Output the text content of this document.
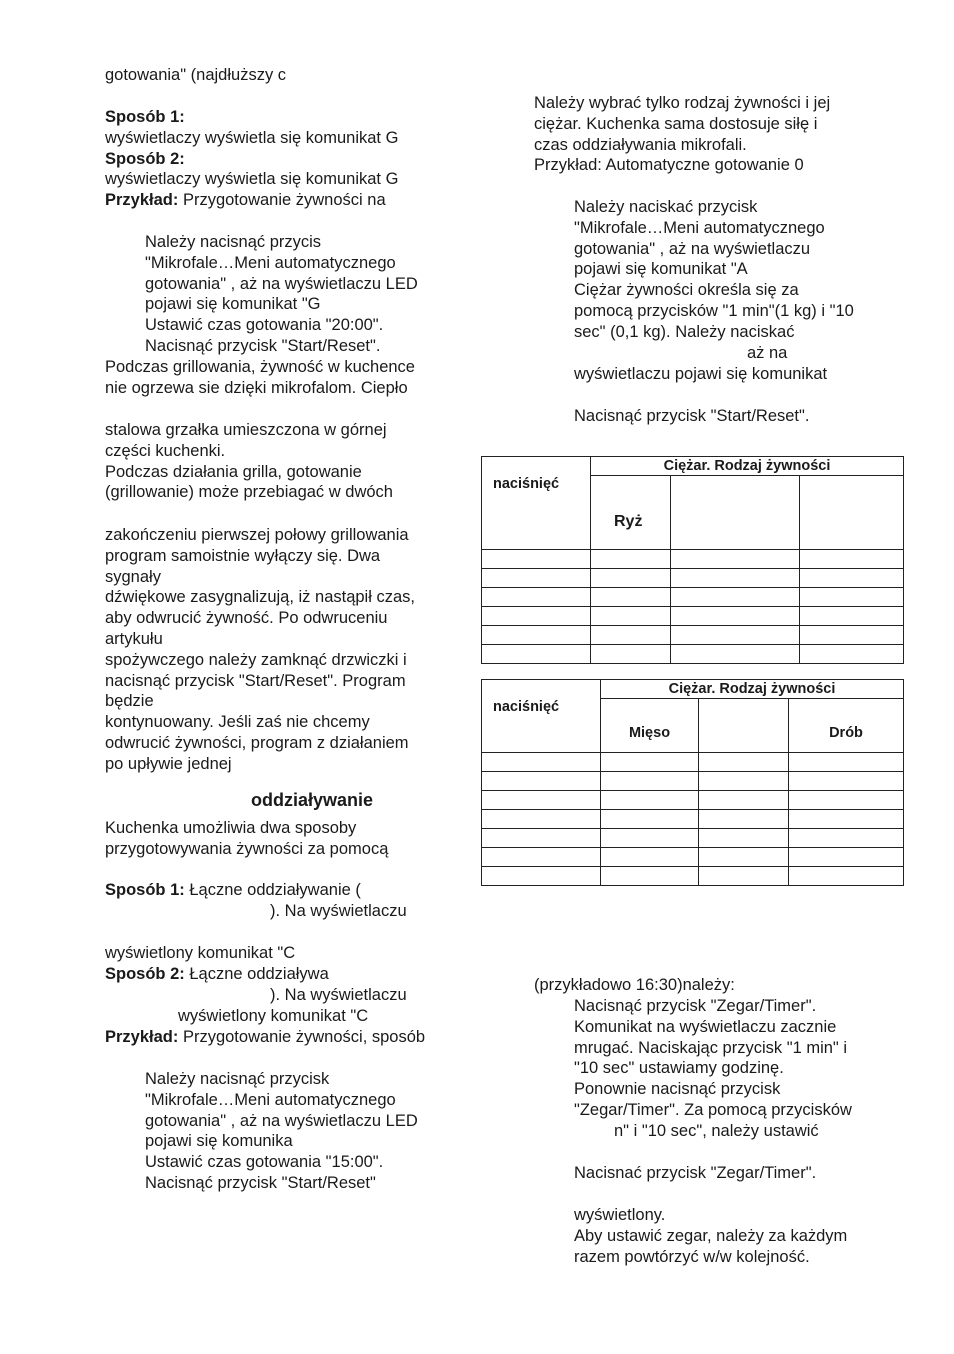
gotowania" (najdłuższy c
Sposób 1:
wyświetlaczy wyświetla się komunikat G
Sposób 2:
wyświetlaczy wyświetla się komunikat G
Przykład: Przygotowanie żywności na
Należy nacisnąć przycis
"Mikrofale…Meni automatycznego
gotowania" , aż na wyświetlaczu LED
pojawi się komunikat "G
Ustawić czas gotowania "20:00".
Nacisnąć przycisk "Start/Reset".
Podczas grillowania, żywność w kuchence
nie ogrzewa sie dzięki mikrofalom. Ciepło
stalowa grzałka umieszczona w górnej
części kuchenki.
Podczas działania grilla, gotowanie
(grillowanie) może przebiagać w dwóch
zakończeniu pierwszej połowy grillowania
program samoistnie wyłączy się. Dwa
sygnały
dźwiękowe zasygnalizują, iż nastąpił czas,
aby odwrucić żywność. Po odwruceniu
artykułu
spożywczego należy zamknąć drzwiczki i
nacisnąć przycisk "Start/Reset". Program
będzie
kontynuowany. Jeśli zaś nie chcemy
odwrucić żywności, program z działaniem
po upływie jednej
oddziaływanie
Kuchenka umożliwia dwa sposoby
przygotowywania żywności za pomocą
Sposób 1: Łączne oddziaływanie (
). Na wyświetlaczu
wyświetlony komunikat "C
Sposób 2: Łączne oddziaływa
). Na wyświetlaczu
wyświetlony komunikat "C
Przykład: Przygotowanie żywności, sposób
Należy nacisnąć przycisk
"Mikrofale…Meni automatycznego
gotowania" , aż na wyświetlaczu LED
pojawi się komunika
Ustawić czas gotowania "15:00".
Nacisnąć przycisk "Start/Reset"
Należy wybrać tylko rodzaj żywności i jej
ciężar. Kuchenka sama dostosuje siłę i
czas oddziaływania mikrofali.
Przykład: Automatyczne gotowanie 0
Należy naciskać przycisk
"Mikrofale…Meni automatycznego
gotowania" , aż na wyświetlaczu
pojawi się komunikat "A
Ciężar żywności określa się za
pomocą przycisków "1 min"(1 kg) i "10
sec" (0,1 kg). Należy naciskać
aż na
wyświetlaczu pojawi się komunikat
Nacisnąć przycisk "Start/Reset".
naciśnięć	Ciężar. Rodzaj żywności		
	Ryż		

naciśnięć	Ciężar. Rodzaj żywności		
	Mięso		Drób

(przykładowo 16:30)należy:
Nacisnąć przycisk "Zegar/Timer".
Komunikat na wyświetlaczu zacznie
mrugać. Naciskając przycisk "1 min" i
"10 sec" ustawiamy godzinę.
Ponownie nacisnąć przycisk
"Zegar/Timer". Za pomocą przycisków
n" i "10 sec", należy ustawić
Nacisnać przycisk "Zegar/Timer".
wyświetlony.
Aby ustawić zegar, należy za każdym
razem powtórzyć w/w kolejność.
